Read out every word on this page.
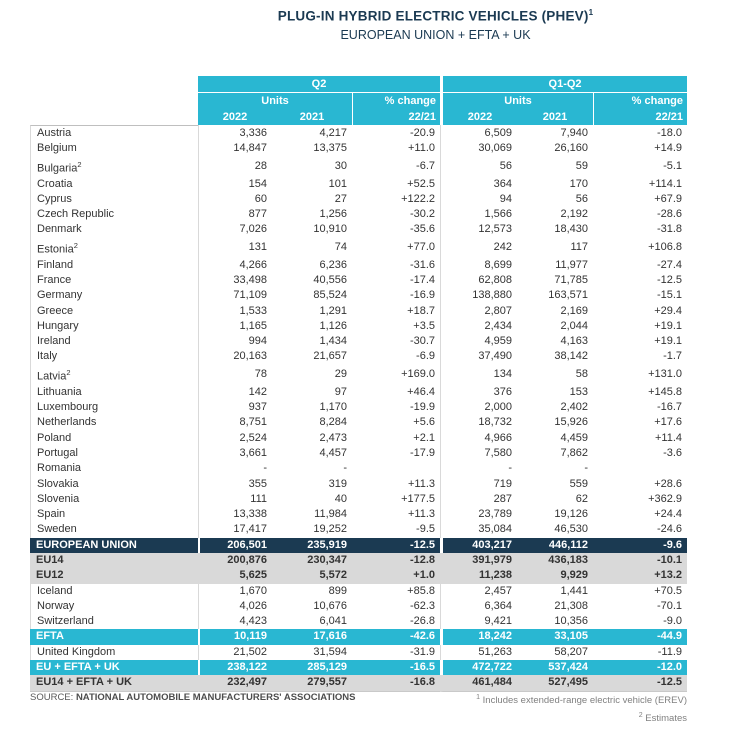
PLUG-IN HYBRID ELECTRIC VEHICLES (PHEV)$^1$
EUROPEAN UNION + EFTA + UK
	Q2			Q1-Q2		
	Units		% change	Units		% change
	2022	2021	22/21	2022	2021	22/21
Austria	3,336	4,217	-20.9	6,509	7,940	-18.0
Belgium	14,847	13,375	+11.0	30,069	26,160	+14.9
Bulgaria$^2$	28	30	-6.7	56	59	-5.1
Croatia	154	101	+52.5	364	170	+114.1
Cyprus	60	27	+122.2	94	56	+67.9
Czech Republic	877	1,256	-30.2	1,566	2,192	-28.6
Denmark	7,026	10,910	-35.6	12,573	18,430	-31.8
Estonia$^2$	131	74	+77.0	242	117	+106.8
Finland	4,266	6,236	-31.6	8,699	11,977	-27.4
France	33,498	40,556	-17.4	62,808	71,785	-12.5
Germany	71,109	85,524	-16.9	138,880	163,571	-15.1
Greece	1,533	1,291	+18.7	2,807	2,169	+29.4
Hungary	1,165	1,126	+3.5	2,434	2,044	+19.1
Ireland	994	1,434	-30.7	4,959	4,163	+19.1
Italy	20,163	21,657	-6.9	37,490	38,142	-1.7
Latvia$^2$	78	29	+169.0	134	58	+131.0
Lithuania	142	97	+46.4	376	153	+145.8
Luxembourg	937	1,170	-19.9	2,000	2,402	-16.7
Netherlands	8,751	8,284	+5.6	18,732	15,926	+17.6
Poland	2,524	2,473	+2.1	4,966	4,459	+11.4
Portugal	3,661	4,457	-17.9	7,580	7,862	-3.6
Romania	-	-		-	-	
Slovakia	355	319	+11.3	719	559	+28.6
Slovenia	111	40	+177.5	287	62	+362.9
Spain	13,338	11,984	+11.3	23,789	19,126	+24.4
Sweden	17,417	19,252	-9.5	35,084	46,530	-24.6
EUROPEAN UNION	206,501	235,919	-12.5	403,217	446,112	-9.6
EU14	200,876	230,347	-12.8	391,979	436,183	-10.1
EU12	5,625	5,572	+1.0	11,238	9,929	+13.2
Iceland	1,670	899	+85.8	2,457	1,441	+70.5
Norway	4,026	10,676	-62.3	6,364	21,308	-70.1
Switzerland	4,423	6,041	-26.8	9,421	10,356	-9.0
EFTA	10,119	17,616	-42.6	18,242	33,105	-44.9
United Kingdom	21,502	31,594	-31.9	51,263	58,207	-11.9
EU + EFTA + UK	238,122	285,129	-16.5	472,722	537,424	-12.0
EU14 + EFTA + UK	232,497	279,557	-16.8	461,484	527,495	-12.5
SOURCE: NATIONAL AUTOMOBILE MANUFACTURERS' ASSOCIATIONS	$^1$ Includes extended-range electric vehicle (EREV)
$^2$ Estimates
